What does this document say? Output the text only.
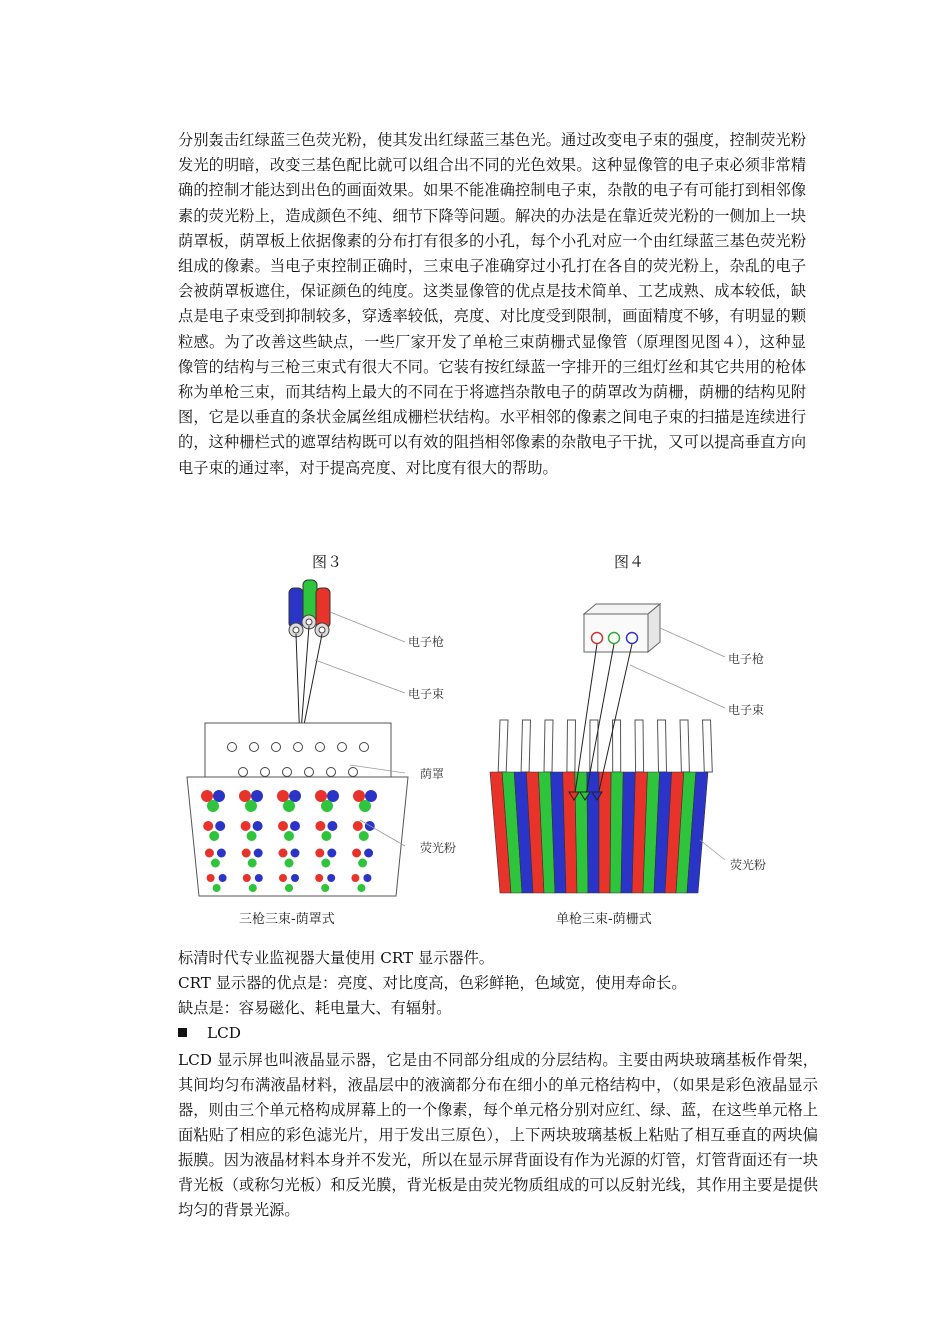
分别轰击红绿蓝三色荧光粉，使其发出红绿蓝三基色光。通过改变电子束的强度，控制荧光粉发光的明暗，改变三基色配比就可以组合出不同的光色效果。这种显像管的电子束必须非常精确的控制才能达到出色的画面效果。如果不能准确控制电子束，杂散的电子有可能打到相邻像素的荧光粉上，造成颜色不纯、细节下降等问题。解决的办法是在靠近荧光粉的一侧加上一块荫罩板，荫罩板上依据像素的分布打有很多的小孔，每个小孔对应一个由红绿蓝三基色荧光粉组成的像素。当电子束控制正确时，三束电子准确穿过小孔打在各自的荧光粉上，杂乱的电子会被荫罩板遮住，保证颜色的纯度。这类显像管的优点是技术简单、工艺成熟、成本较低，缺点是电子束受到抑制较多，穿透率较低，亮度、对比度受到限制，画面精度不够，有明显的颗粒感。为了改善这些缺点，一些厂家开发了单枪三束荫栅式显像管（原理图见图４），这种显像管的结构与三枪三束式有很大不同。它装有按红绿蓝一字排开的三组灯丝和其它共用的枪体称为单枪三束，而其结构上最大的不同在于将遮挡杂散电子的荫罩改为荫栅，荫栅的结构见附图，它是以垂直的条状金属丝组成栅栏状结构。水平相邻的像素之间电子束的扫描是连续进行的，这种栅栏式的遮罩结构既可以有效的阻挡相邻像素的杂散电子干扰，又可以提高垂直方向电子束的通过率，对于提高亮度、对比度有很大的帮助。
图３	图４
电子枪
电子束
荫罩
荧光粉
电子枪
电子束
荧光粉
三枪三束-荫罩式	单枪三束-荫栅式
标清时代专业监视器大量使用 CRT 显示器件。
CRT 显示器的优点是：亮度、对比度高，色彩鲜艳，色域宽，使用寿命长。
缺点是：容易磁化、耗电量大、有辐射。
LCD
LCD 显示屏也叫液晶显示器，它是由不同部分组成的分层结构。主要由两块玻璃基板作骨架，其间均匀布满液晶材料，液晶层中的液滴都分布在细小的单元格结构中，（如果是彩色液晶显示器，则由三个单元格构成屏幕上的一个像素，每个单元格分别对应红、绿、蓝，在这些单元格上面粘贴了相应的彩色滤光片，用于发出三原色），上下两块玻璃基板上粘贴了相互垂直的两块偏振膜。因为液晶材料本身并不发光，所以在显示屏背面设有作为光源的灯管，灯管背面还有一块背光板（或称匀光板）和反光膜，背光板是由荧光物质组成的可以反射光线，其作用主要是提供均匀的背景光源。
